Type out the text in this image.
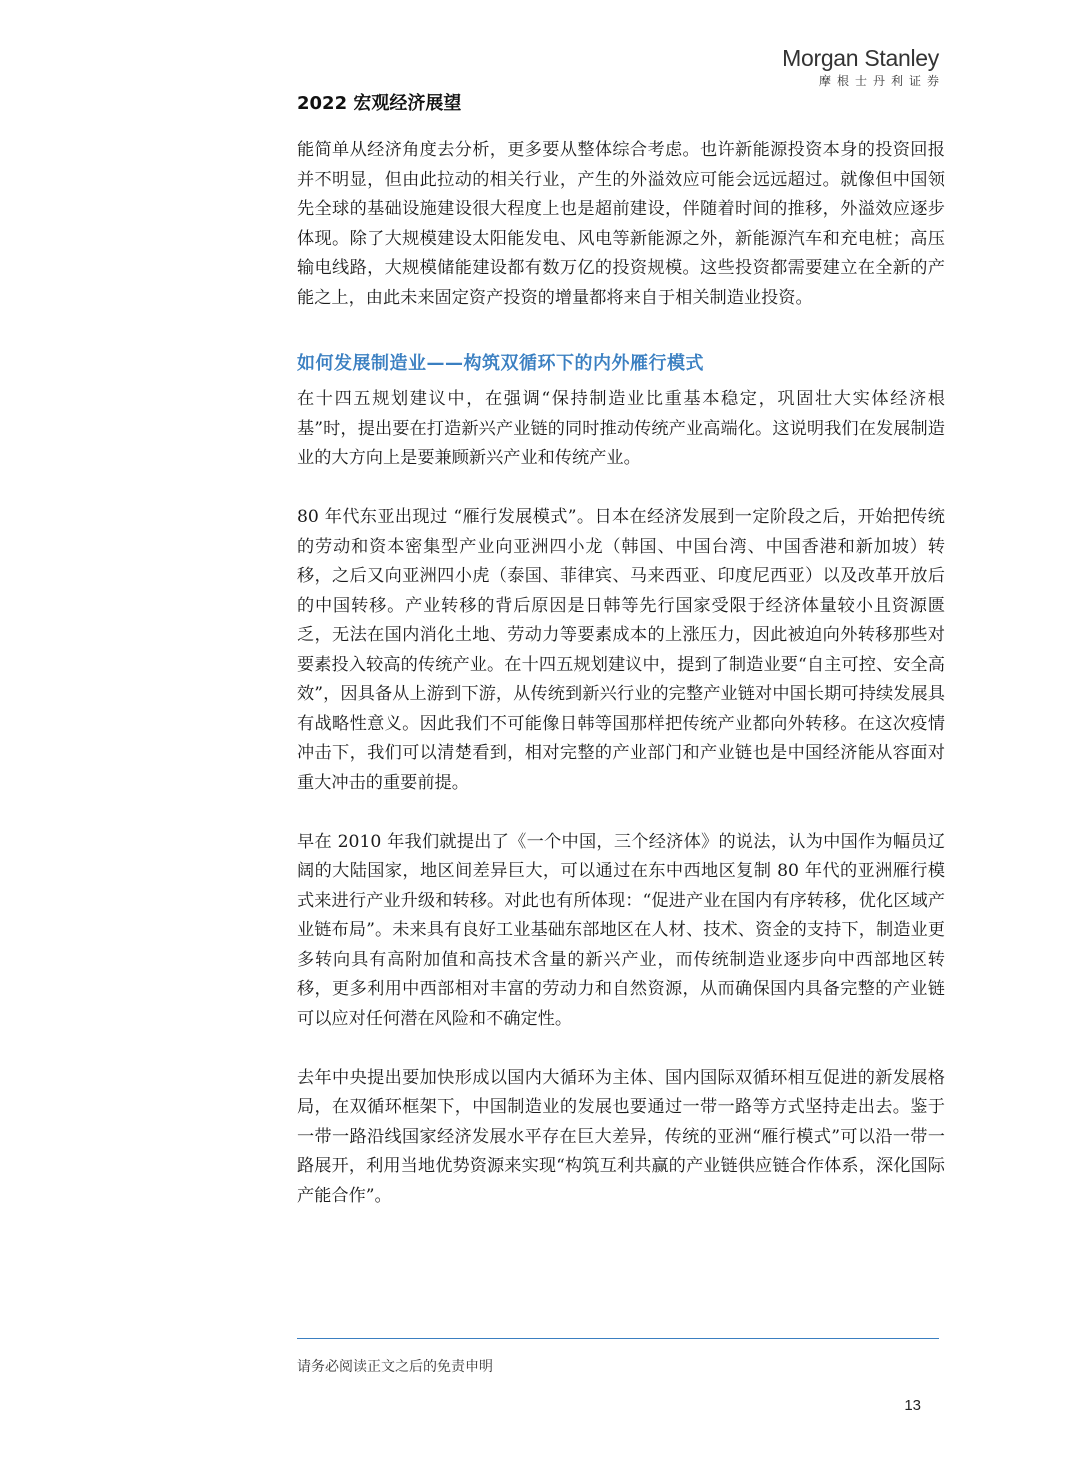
Morgan Stanley
摩根士丹利证券
2022 宏观经济展望

能简单从经济角度去分析，更多要从整体综合考虑。也许新能源投资本身的投资回报并不明显，但由此拉动的相关行业，产生的外溢效应可能会远远超过。就像但中国领先全球的基础设施建设很大程度上也是超前建设，伴随着时间的推移，外溢效应逐步体现。除了大规模建设太阳能发电、风电等新能源之外，新能源汽车和充电桩；高压输电线路，大规模储能建设都有数万亿的投资规模。这些投资都需要建立在全新的产能之上，由此未来固定资产投资的增量都将来自于相关制造业投资。

如何发展制造业——构筑双循环下的内外雁行模式

在十四五规划建议中，在强调“保持制造业比重基本稳定，巩固壮大实体经济根基”时，提出要在打造新兴产业链的同时推动传统产业高端化。这说明我们在发展制造业的大方向上是要兼顾新兴产业和传统产业。

80 年代东亚出现过 “雁行发展模式”。日本在经济发展到一定阶段之后，开始把传统的劳动和资本密集型产业向亚洲四小龙（韩国、中国台湾、中国香港和新加坡）转移，之后又向亚洲四小虎（泰国、菲律宾、马来西亚、印度尼西亚）以及改革开放后的中国转移。产业转移的背后原因是日韩等先行国家受限于经济体量较小且资源匮乏，无法在国内消化土地、劳动力等要素成本的上涨压力，因此被迫向外转移那些对要素投入较高的传统产业。在十四五规划建议中，提到了制造业要“自主可控、安全高效”，因具备从上游到下游，从传统到新兴行业的完整产业链对中国长期可持续发展具有战略性意义。因此我们不可能像日韩等国那样把传统产业都向外转移。在这次疫情冲击下，我们可以清楚看到，相对完整的产业部门和产业链也是中国经济能从容面对重大冲击的重要前提。

早在 2010 年我们就提出了《一个中国，三个经济体》的说法，认为中国作为幅员辽阔的大陆国家，地区间差异巨大，可以通过在东中西地区复制 80 年代的亚洲雁行模式来进行产业升级和转移。对此也有所体现：“促进产业在国内有序转移，优化区域产业链布局”。未来具有良好工业基础东部地区在人材、技术、资金的支持下，制造业更多转向具有高附加值和高技术含量的新兴产业，而传统制造业逐步向中西部地区转移，更多利用中西部相对丰富的劳动力和自然资源，从而确保国内具备完整的产业链可以应对任何潜在风险和不确定性。

去年中央提出要加快形成以国内大循环为主体、国内国际双循环相互促进的新发展格局，在双循环框架下，中国制造业的发展也要通过一带一路等方式坚持走出去。鉴于一带一路沿线国家经济发展水平存在巨大差异，传统的亚洲“雁行模式”可以沿一带一路展开，利用当地优势资源来实现“构筑互利共赢的产业链供应链合作体系，深化国际产能合作”。

请务必阅读正文之后的免责申明
13
